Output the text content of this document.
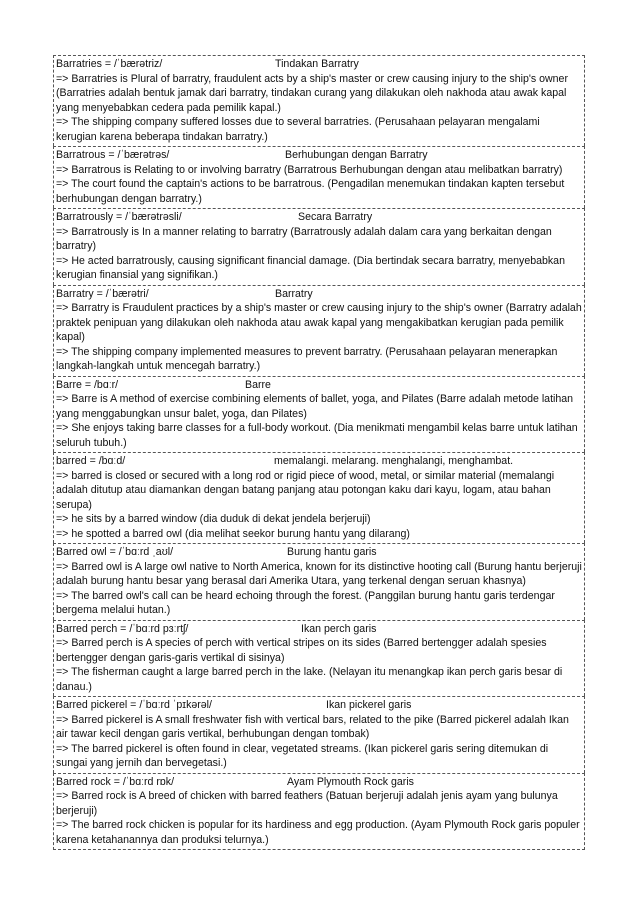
Barratries = /ˈbærətriz/	Tindakan Barratry
=> Barratries is Plural of barratry, fraudulent acts by a ship's master or crew causing injury to the ship's owner (Barratries adalah bentuk jamak dari barratry, tindakan curang yang dilakukan oleh nakhoda atau awak kapal yang menyebabkan cedera pada pemilik kapal.)
=> The shipping company suffered losses due to several barratries. (Perusahaan pelayaran mengalami kerugian karena beberapa tindakan barratry.)
Barratrous = /ˈbærətrəs/	Berhubungan dengan Barratry
=> Barratrous is Relating to or involving barratry (Barratrous Berhubungan dengan atau melibatkan barratry)
=> The court found the captain's actions to be barratrous. (Pengadilan menemukan tindakan kapten tersebut berhubungan dengan barratry.)
Barratrously = /ˈbærətrəsli/	Secara Barratry
=> Barratrously is In a manner relating to barratry (Barratrously adalah dalam cara yang berkaitan dengan barratry)
=> He acted barratrously, causing significant financial damage. (Dia bertindak secara barratry, menyebabkan kerugian finansial yang signifikan.)
Barratry = /ˈbærətri/	Barratry
=> Barratry is Fraudulent practices by a ship's master or crew causing injury to the ship's owner (Barratry adalah praktek penipuan yang dilakukan oleh nakhoda atau awak kapal yang mengakibatkan kerugian pada pemilik kapal)
=> The shipping company implemented measures to prevent barratry. (Perusahaan pelayaran menerapkan langkah-langkah untuk mencegah barratry.)
Barre = /bɑːr/	Barre
=> Barre is A method of exercise combining elements of ballet, yoga, and Pilates (Barre adalah metode latihan yang menggabungkan unsur balet, yoga, dan Pilates)
=> She enjoys taking barre classes for a full-body workout. (Dia menikmati mengambil kelas barre untuk latihan seluruh tubuh.)
barred = /bɑːd/	memalangi. melarang. menghalangi, menghambat.
=> barred is closed or secured with a long rod or rigid piece of wood, metal, or similar material (memalangi adalah ditutup atau diamankan dengan batang panjang atau potongan kaku dari kayu, logam, atau bahan serupa)
=> he sits by a barred window (dia duduk di dekat jendela berjeruji)
=> he spotted a barred owl (dia melihat seekor burung hantu yang dilarang)
Barred owl = /ˈbɑːrd ˌaʊl/	Burung hantu garis
=> Barred owl is A large owl native to North America, known for its distinctive hooting call (Burung hantu berjeruji adalah burung hantu besar yang berasal dari Amerika Utara, yang terkenal dengan seruan khasnya)
=> The barred owl's call can be heard echoing through the forest. (Panggilan burung hantu garis terdengar bergema melalui hutan.)
Barred perch = /ˈbɑːrd pɜːrtʃ/	Ikan perch garis
=> Barred perch is A species of perch with vertical stripes on its sides (Barred bertengger adalah spesies bertengger dengan garis-garis vertikal di sisinya)
=> The fisherman caught a large barred perch in the lake. (Nelayan itu menangkap ikan perch garis besar di danau.)
Barred pickerel = /ˈbɑːrd ˈpɪkərəl/	Ikan pickerel garis
=> Barred pickerel is A small freshwater fish with vertical bars, related to the pike (Barred pickerel adalah Ikan air tawar kecil dengan garis vertikal, berhubungan dengan tombak)
=> The barred pickerel is often found in clear, vegetated streams. (Ikan pickerel garis sering ditemukan di sungai yang jernih dan bervegetasi.)
Barred rock = /ˈbɑːrd rɒk/	Ayam Plymouth Rock garis
=> Barred rock is A breed of chicken with barred feathers (Batuan berjeruji adalah jenis ayam yang bulunya berjeruji)
=> The barred rock chicken is popular for its hardiness and egg production. (Ayam Plymouth Rock garis populer karena ketahanannya dan produksi telurnya.)
